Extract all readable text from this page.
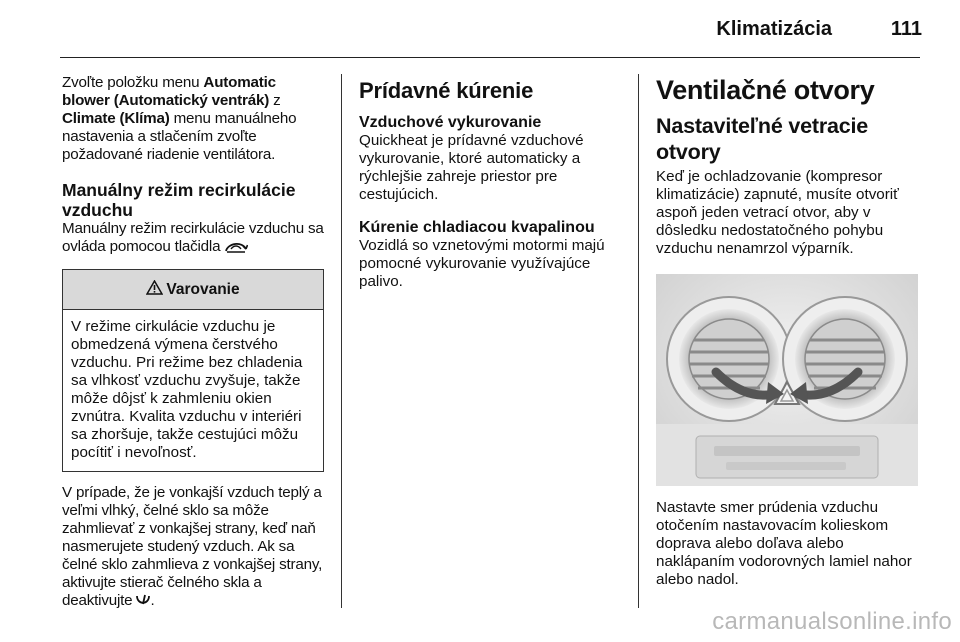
Klimatizácia	111

Zvoľte položku menu Automatic blower (Automatický ventrák) z Climate (Klíma) menu manuálneho nastavenia a stlačením zvoľte požadované riadenie ventilátora.

Manuálny režim recirkulácie vzduchu

Manuálny režim recirkulácie vzduchu sa ovláda pomocou tlačidla

Varovanie
V režime cirkulácie vzduchu je obmedzená výmena čerstvého vzduchu. Pri režime bez chladenia sa vlhkosť vzduchu zvyšuje, takže môže dôjsť k zahmleniu okien zvnútra. Kvalita vzduchu v interiéri sa zhoršuje, takže cestujúci môžu pocítiť i nevoľnosť.

V prípade, že je vonkajší vzduch teplý a veľmi vlhký, čelné sklo sa môže zahmlievať z vonkajšej strany, keď naň nasmerujete studený vzduch. Ak sa čelné sklo zahmlieva z vonkajšej strany, aktivujte stierač čelného skla a deaktivujte .

Prídavné kúrenie
Vzduchové vykurovanie

Quickheat je prídavné vzduchové vykurovanie, ktoré automaticky a rýchlejšie zahreje priestor pre cestujúcich.

Kúrenie chladiacou kvapalinou

Vozidlá so vznetovými motormi majú pomocné vykurovanie využívajúce palivo.

Ventilačné otvory
Nastaviteľné vetracie otvory

Keď je ochladzovanie (kompresor klimatizácie) zapnuté, musíte otvoriť aspoň jeden vetrací otvor, aby v dôsledku nedostatočného pohybu vzduchu nenamrzol výparník.

Nastavte smer prúdenia vzduchu otočením nastavovacím kolieskom doprava alebo doľava alebo naklápaním vodorovných lamiel nahor alebo nadol.

carmanualsonline.info
